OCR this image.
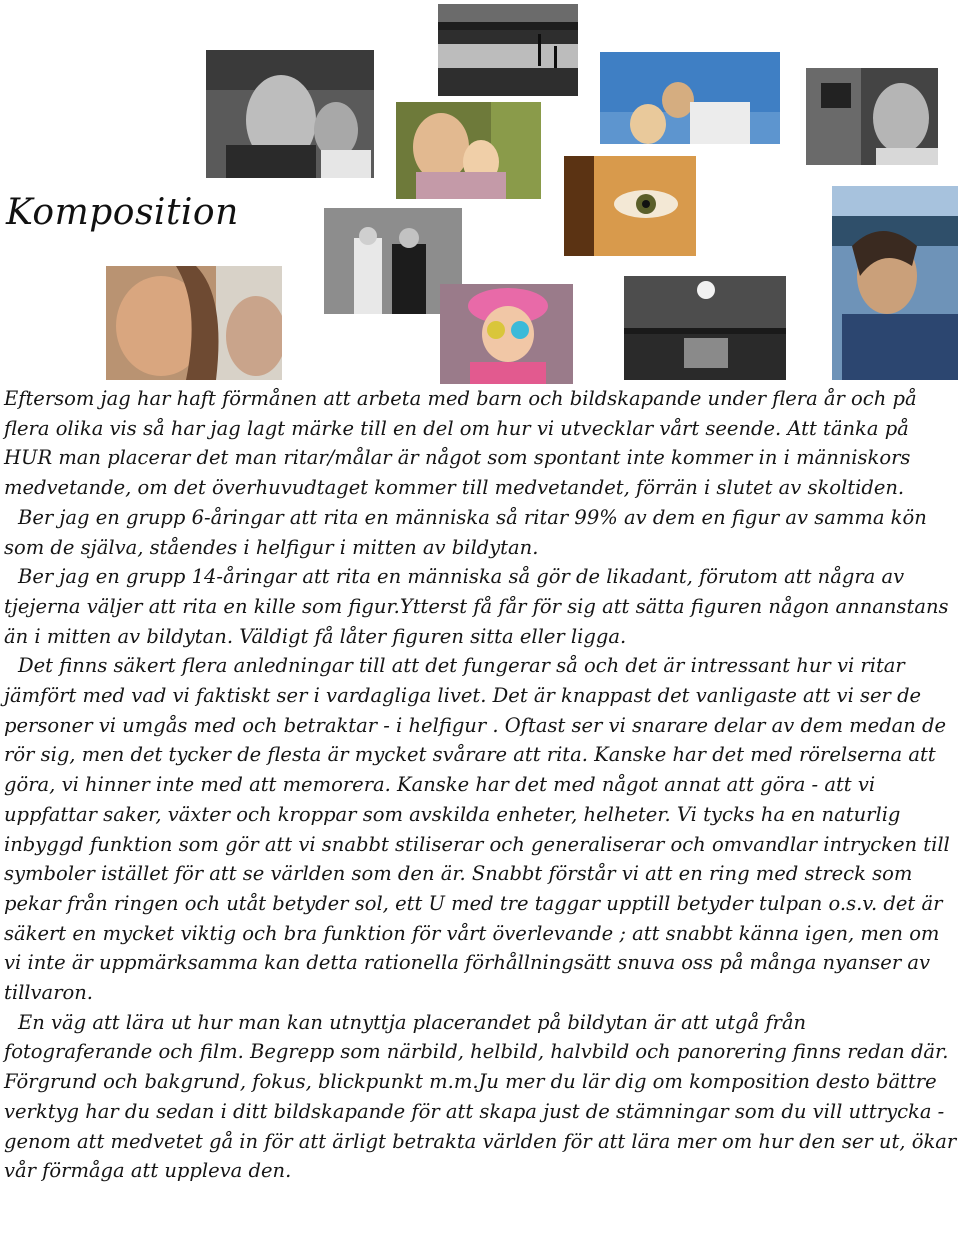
Komposition

Eftersom jag har haft förmånen att arbeta med barn och bildskapande under flera år och på flera olika vis så har jag lagt märke till en del om hur vi utvecklar vårt seende. Att tänka på HUR man placerar det man ritar/målar är något som spontant inte kommer in i människors medvetande, om det överhuvudtaget kommer till medvetandet, förrän i slutet av skoltiden.

Ber jag en grupp 6-åringar att rita en människa så ritar 99% av dem en figur av samma kön som de själva, ståendes i helfigur i mitten av bildytan.

Ber jag en grupp 14-åringar att rita en människa så gör de likadant, förutom att några av tjejerna väljer att rita en kille som figur.Ytterst få får för sig att sätta figuren någon annanstans än i mitten av bildytan. Väldigt få låter figuren sitta eller ligga.

Det finns säkert flera anledningar till att det fungerar så och det är intressant hur vi ritar jämfört med vad vi faktiskt ser i vardagliga livet. Det är knappast det vanligaste att vi ser de personer vi umgås med och betraktar - i helfigur . Oftast ser vi snarare delar av dem medan de rör sig, men det tycker de flesta är mycket svårare att rita. Kanske har det med rörelserna att göra, vi hinner inte med att memorera. Kanske har det med något annat att göra - att vi uppfattar saker, växter och kroppar som avskilda enheter, helheter. Vi tycks ha en naturlig inbyggd funktion som gör att vi snabbt stiliserar och generaliserar och omvandlar intrycken till symboler istället för att se världen som den är. Snabbt förstår vi att en ring med streck som pekar från ringen och utåt betyder sol, ett U med tre taggar upptill betyder tulpan o.s.v. det är säkert en mycket viktig och bra funktion för vårt överlevande ; att snabbt känna igen, men om vi inte är uppmärksamma kan detta rationella förhållningsätt snuva oss på många nyanser av tillvaron.

En väg att lära ut hur man kan utnyttja placerandet på bildytan är att utgå från fotograferande och film. Begrepp som närbild, helbild, halvbild och panorering finns redan där. Förgrund och bakgrund, fokus, blickpunkt m.m.Ju mer du lär dig om komposition desto bättre verktyg har du sedan i ditt bildskapande för att skapa just de stämningar som du vill uttrycka - genom att medvetet gå in för att ärligt betrakta världen för att lära mer om hur den ser ut, ökar vår förmåga att uppleva den.
